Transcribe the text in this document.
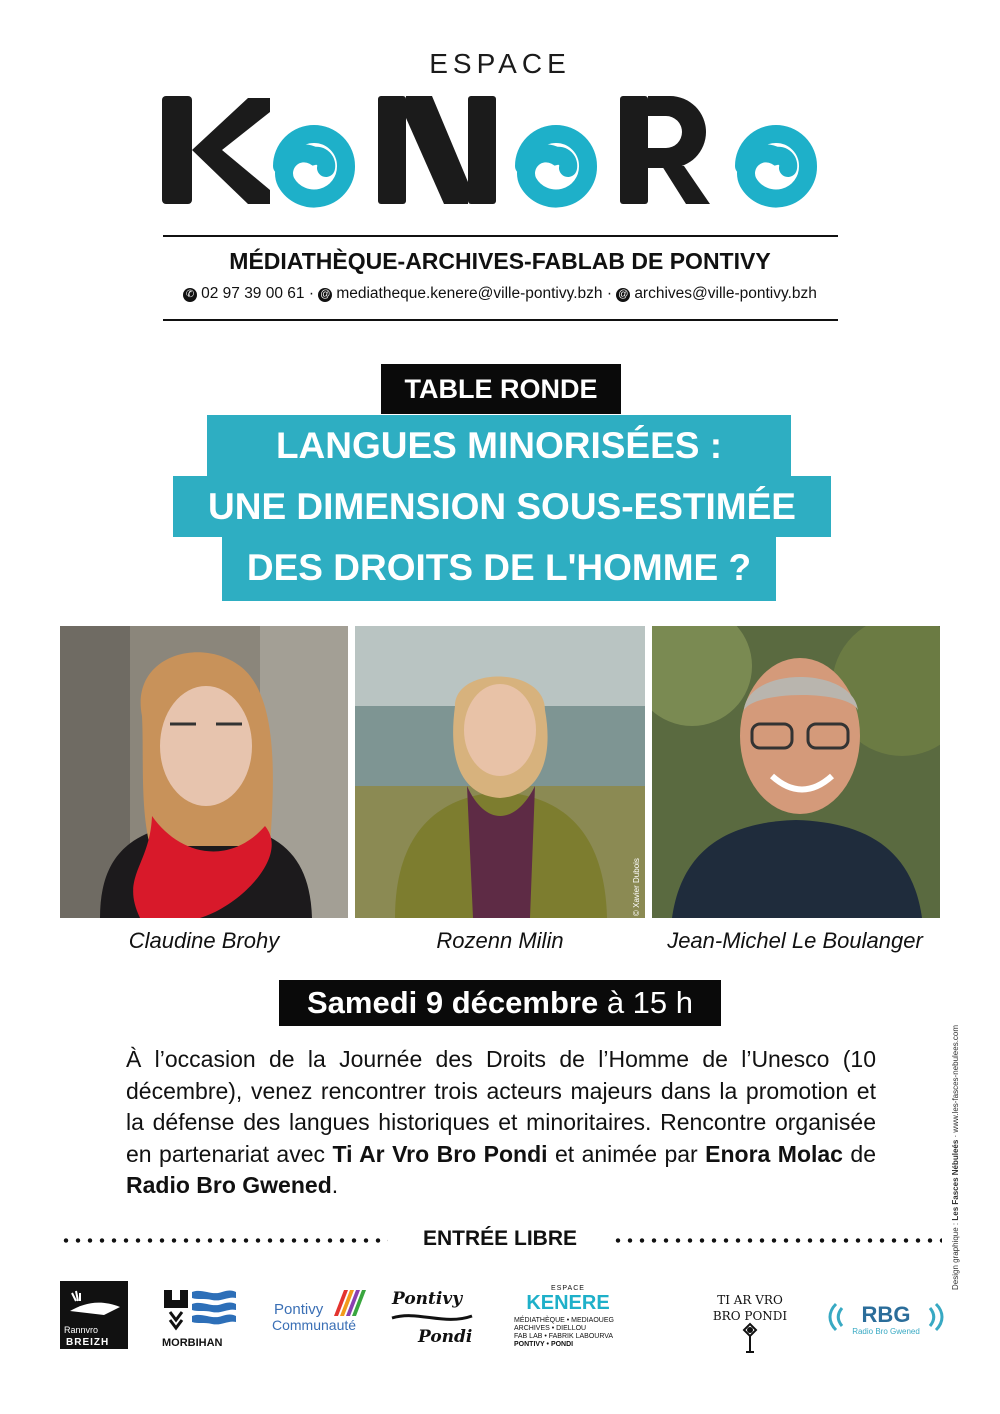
ESPACE
MÉDIATHÈQUE-ARCHIVES-FABLAB DE PONTIVY
✆ 02 97 39 00 61 · @ mediatheque.kenere@ville-pontivy.bzh · @ archives@ville-pontivy.bzh
TABLE RONDE
LANGUES MINORISÉES :
UNE DIMENSION SOUS-ESTIMÉE
DES DROITS DE L'HOMME ?
© Xavier Dubois
Claudine Brohy	Rozenn Milin	Jean-Michel Le Boulanger
Samedi 9 décembre à 15 h

À l’occasion de la Journée des Droits de l’Homme de l’Unesco (10 décembre), venez rencontrer trois acteurs majeurs dans la promotion et la défense des langues historiques et minoritaires. Rencontre organisée en partenariat avec Ti Ar Vro Bro Pondi et animée par Enora Molac de Radio Bro Gwened.

ENTRÉE LIBRE	Design graphique : Les Fasces Nébuleés · www.les-fasces-nebulees.com
Rannvro
BREIZH	MORBIHAN
Pontivy
Communauté
Pontivy
Pondi
ESPACE
KENERE
MÉDIATHÈQUE • MEDIAOUEG
ARCHIVES • DIELLOU
FAB LAB • FABRIK LABOURVA
PONTIVY • PONDI
TI AR VRO
BRO PONDI	RBG
Radio Bro Gwened
